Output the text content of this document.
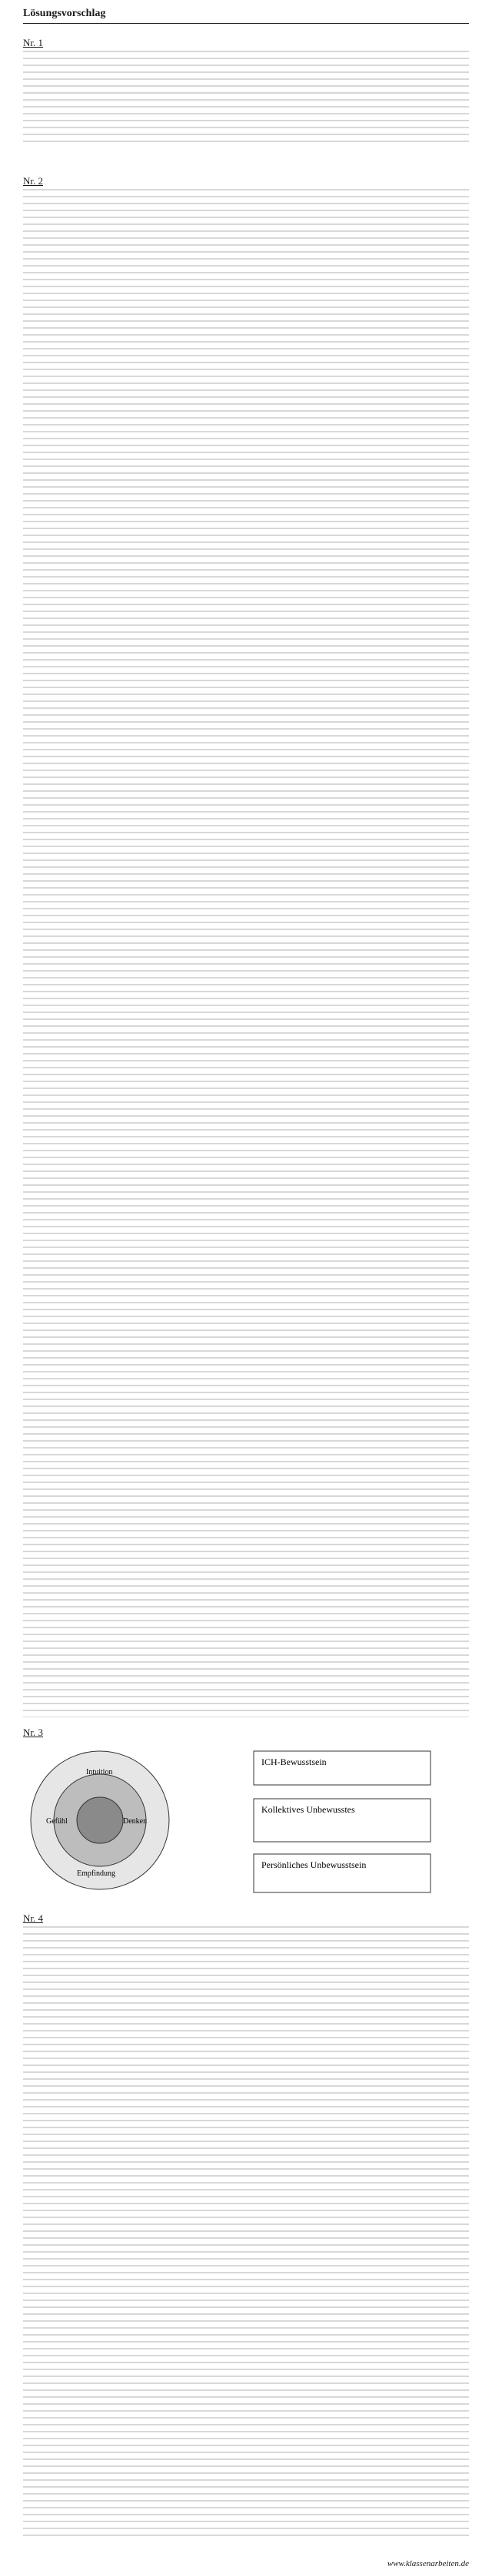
Lösungsvorschlag
Nr. 1
Nr. 2
Nr. 3
ICH-Bewusstsein
Kollektives Unbewusstes
Persönliches Unbewusstsein
Gefühl	Denken
Intuition
Empfindung
Nr. 4
www.klassenarbeiten.de
